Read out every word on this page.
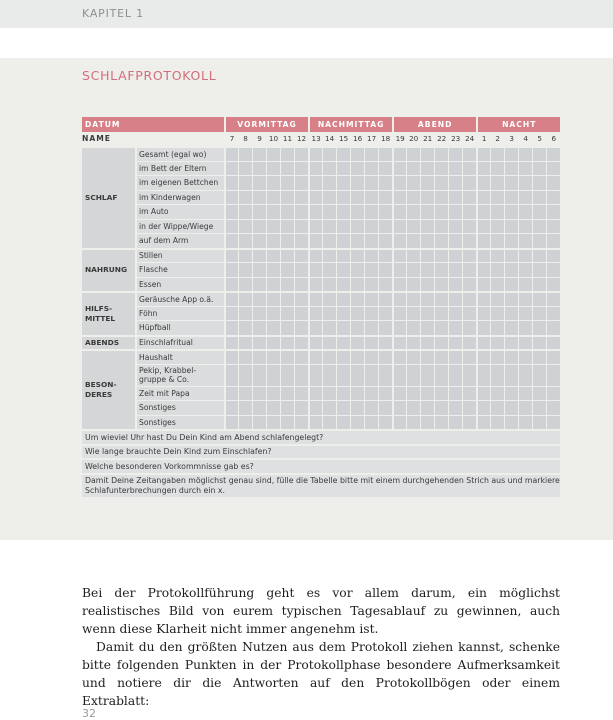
KAPITEL 1
SCHLAFPROTOKOLL
DATUM		VORMITTAG						NACHMITTAG						ABEND						NACHT					
NAME		7	8	9	10	11	12	13	14	15	16	17	18	19	20	21	22	23	24	1	2	3	4	5	6
SCHLAF	Gesamt (egal wo)																								
	im Bett der Eltern																								
	im eigenen Bettchen																								
	im Kinderwagen																								
	im Auto																								
	in der Wippe/Wiege																								
	auf dem Arm																								
NAHRUNG	Stillen																								
	Flasche																								
	Essen																								
HILFS- MITTEL	Geräusche App o.ä.																								
	Föhn																								
	Hüpfball																								
ABENDS	Einschlafritual																								
BESON- DERES	Haushalt																								
	Pekip, Krabbel- gruppe & Co.																								
	Zeit mit Papa																								
	Sonstiges																								
	Sonstiges																								
Um wieviel Uhr hast Du Dein Kind am Abend schlafengelegt?																									
Wie lange brauchte Dein Kind zum Einschlafen?																									
Welche besonderen Vorkommnisse gab es?																									
Damit Deine Zeitangaben möglichst genau sind, fülle die Tabelle bitte mit einem durchgehenden Strich aus und markiere Schlafunterbrechungen durch ein x.																									

Bei der Protokollführung geht es vor allem darum, ein möglichst realistisches Bild von eurem typischen Tagesablauf zu gewinnen, auch wenn diese Klarheit nicht immer angenehm ist.

Damit du den größten Nutzen aus dem Protokoll ziehen kannst, schenke bitte folgenden Punkten in der Protokollphase besondere Aufmerksamkeit und notiere dir die Antworten auf den Protokollbögen oder einem Extrablatt:

32
